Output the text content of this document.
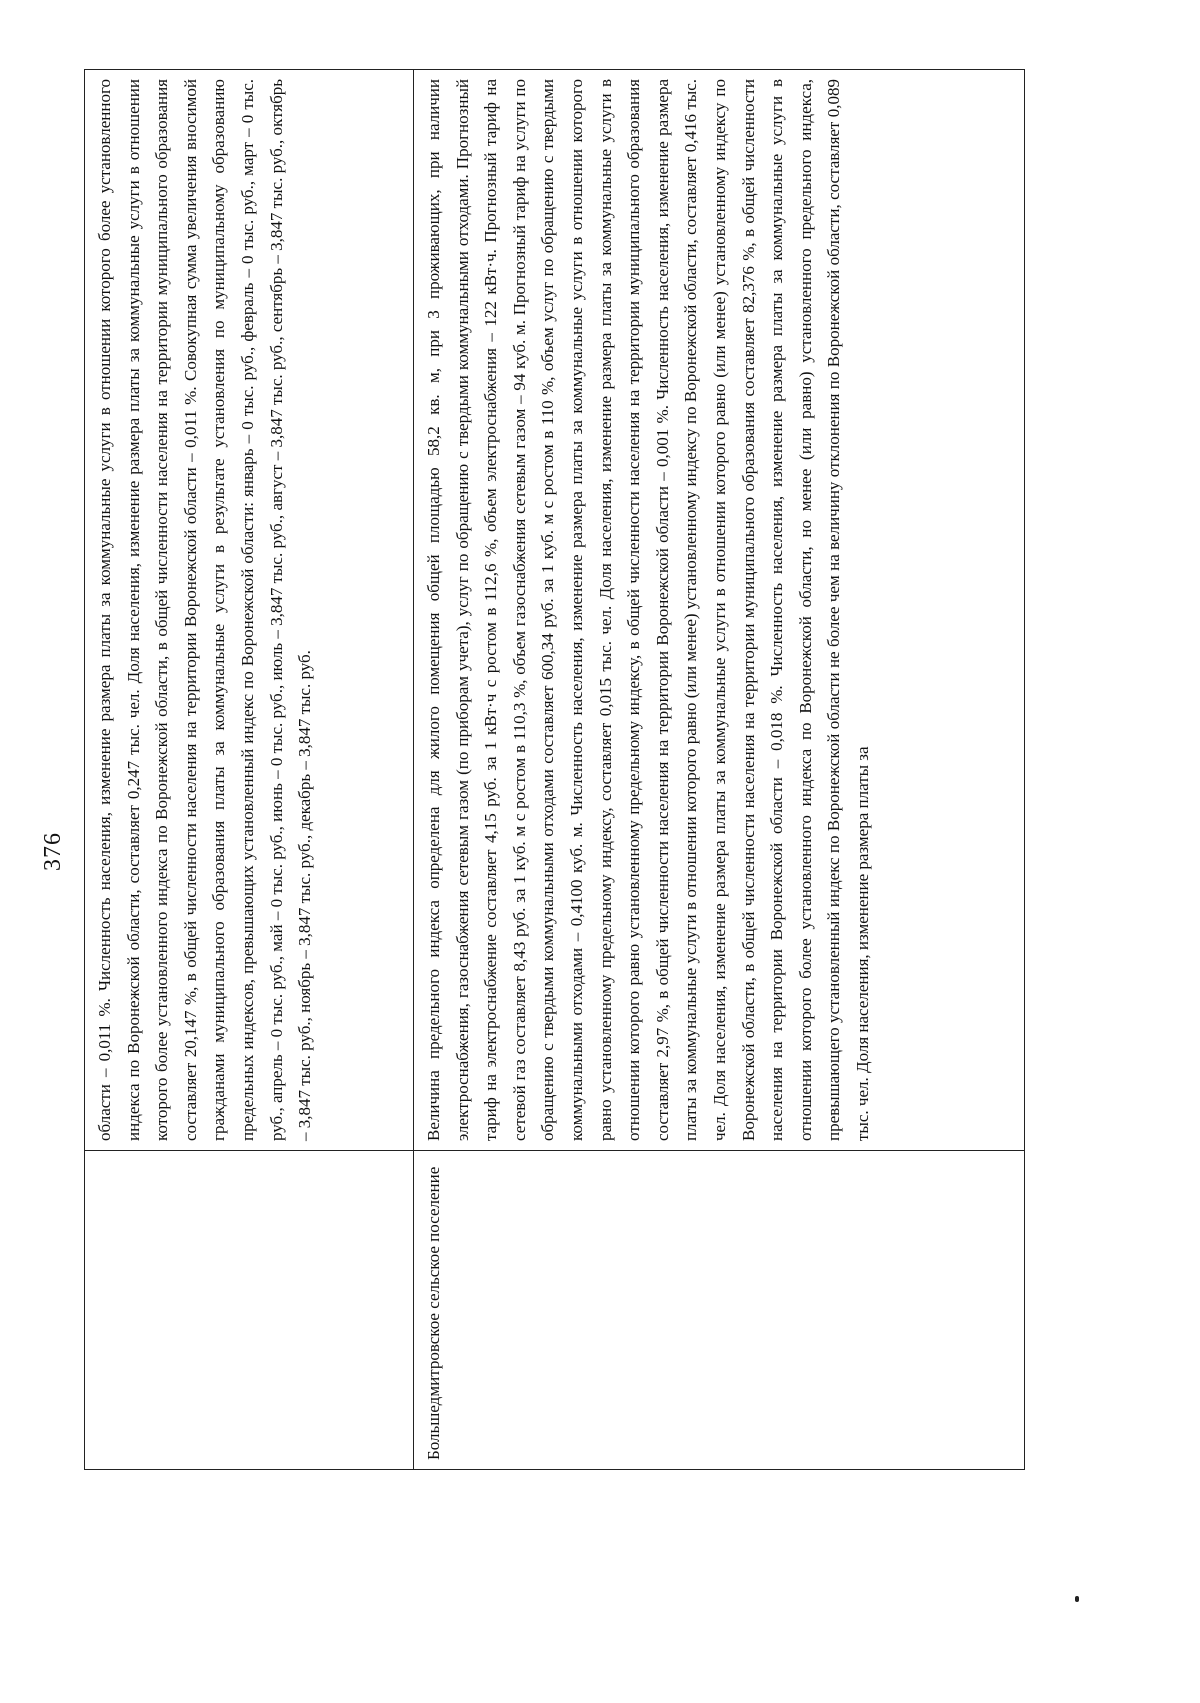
376
	области – 0,011 %. Численность населения, изменение размера платы за коммунальные услуги в отношении которого более установленного индекса по Воронежской области, составляет 0,247 тыс. чел. Доля населения, изменение размера платы за коммунальные услуги в отношении которого более установленного индекса по Воронежской области, в общей численности населения на территории муниципального образования составляет 20,147 %, в общей численности населения на территории Воронежской области – 0,011 %. Совокупная сумма увеличения вносимой гражданами муниципального образования платы за коммунальные услуги в результате установления по муниципальному образованию предельных индексов, превышающих установленный индекс по Воронежской области: январь – 0 тыс. руб., февраль – 0 тыс. руб., март – 0 тыс. руб., апрель – 0 тыс. руб., май – 0 тыс. руб., июнь – 0 тыс. руб., июль – 3,847 тыс. руб., август – 3,847 тыс. руб., сентябрь – 3,847 тыс. руб., октябрь – 3,847 тыс. руб., ноябрь – 3,847 тыс. руб., декабрь – 3,847 тыс. руб.
Большедмитровское сельское поселение	Величина предельного индекса определена для жилого помещения общей площадью 58,2 кв. м, при 3 проживающих, при наличии электроснабжения, газоснабжения сетевым газом (по приборам учета), услуг по обращению с твердыми коммунальными отходами. Прогнозный тариф на электроснабжение составляет 4,15 руб. за 1 кВт·ч с ростом в 112,6 %, объем электроснабжения – 122 кВт·ч. Прогнозный тариф на сетевой газ составляет 8,43 руб. за 1 куб. м с ростом в 110,3 %, объем газоснабжения сетевым газом – 94 куб. м. Прогнозный тариф на услуги по обращению с твердыми коммунальными отходами составляет 600,34 руб. за 1 куб. м с ростом в 110 %, объем услуг по обращению с твердыми коммунальными отходами – 0,4100 куб. м. Численность населения, изменение размера платы за коммунальные услуги в отношении которого равно установленному предельному индексу, составляет 0,015 тыс. чел. Доля населения, изменение размера платы за коммунальные услуги в отношении которого равно установленному предельному индексу, в общей численности населения на территории муниципального образования составляет 2,97 %, в общей численности населения на территории Воронежской области – 0,001 %. Численность населения, изменение размера платы за коммунальные услуги в отношении которого равно (или менее) установленному индексу по Воронежской области, составляет 0,416 тыс. чел. Доля населения, изменение размера платы за коммунальные услуги в отношении которого равно (или менее) установленному индексу по Воронежской области, в общей численности населения на территории муниципального образования составляет 82,376 %, в общей численности населения на территории Воронежской области – 0,018 %. Численность населения, изменение размера платы за коммунальные услуги в отношении которого более установленного индекса по Воронежской области, но менее (или равно) установленного предельного индекса, превышающего установленный индекс по Воронежской области не более чем на величину отклонения по Воронежской области, составляет 0,089 тыс. чел. Доля населения, изменение размера платы за
